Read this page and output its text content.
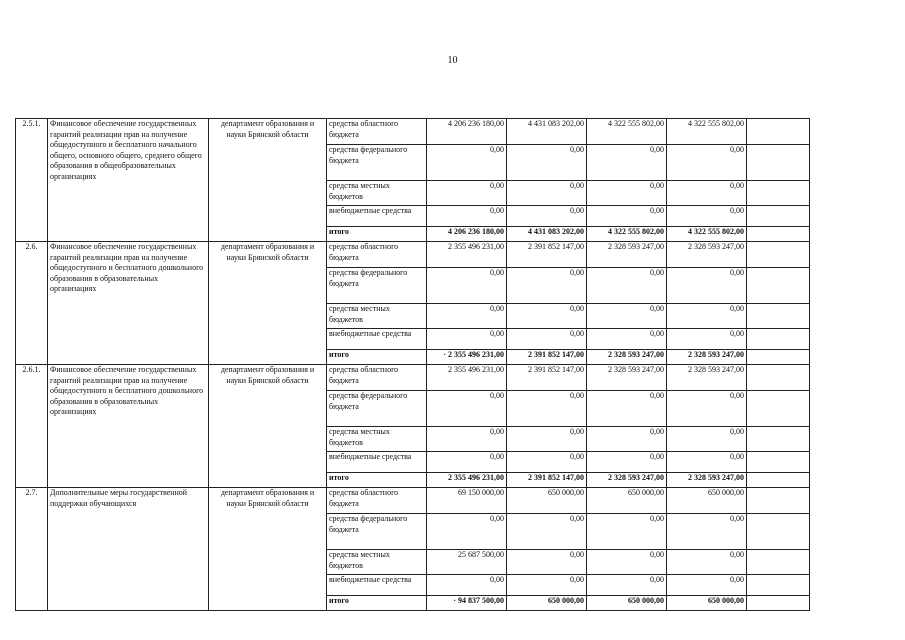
10
2.5.1.	Финансовое обеспечение государственных гарантий реализации прав на получение общедоступного и бесплатного начального общего, основного общего, среднего общего образования в общеобразовательных организациях	департамент образования и науки Брянской области	средства областного бюджета	4 206 236 180,00	4 431 083 202,00	4 322 555 802,00	4 322 555 802,00	
			средства федерального бюджета	0,00	0,00	0,00	0,00	
			средства местных бюджетов	0,00	0,00	0,00	0,00	
			внебюджетные средства	0,00	0,00	0,00	0,00	
			итого	4 206 236 180,00	4 431 083 202,00	4 322 555 802,00	4 322 555 802,00	
2.6.	Финансовое обеспечение государственных гарантий реализации прав на получение общедоступного и бесплатного дошкольного образования в образовательных организациях	департамент образования и науки Брянской области	средства областного бюджета	2 355 496 231,00	2 391 852 147,00	2 328 593 247,00	2 328 593 247,00	
			средства федерального бюджета	0,00	0,00	0,00	0,00	
			средства местных бюджетов	0,00	0,00	0,00	0,00	
			внебюджетные средства	0,00	0,00	0,00	0,00	
			итого	· 2 355 496 231,00	2 391 852 147,00	2 328 593 247,00	2 328 593 247,00	
2.6.1.	Финансовое обеспечение государственных гарантий реализации прав на получение общедоступного и бесплатного дошкольного образования в образовательных организациях	департамент образования и науки Брянской области	средства областного бюджета	2 355 496 231,00	2 391 852 147,00	2 328 593 247,00	2 328 593 247,00	
			средства федерального бюджета	0,00	0,00	0,00	0,00	
			средства местных бюджетов	0,00	0,00	0,00	0,00	
			внебюджетные средства	0,00	0,00	0,00	0,00	
			итого	2 355 496 231,00	2 391 852 147,00	2 328 593 247,00	2 328 593 247,00	
2.7.	Дополнительные меры государственной поддержки обучающихся	департамент образования и науки Брянской области	средства областного бюджета	69 150 000,00	650 000,00	650 000,00	650 000,00	
			средства федерального бюджета	0,00	0,00	0,00	0,00	
			средства местных бюджетов	25 687 500,00	0,00	0,00	0,00	
			внебюджетные средства	0,00	0,00	0,00	0,00	
			итого	· 94 837 500,00	650 000,00	650 000,00	650 000,00	
